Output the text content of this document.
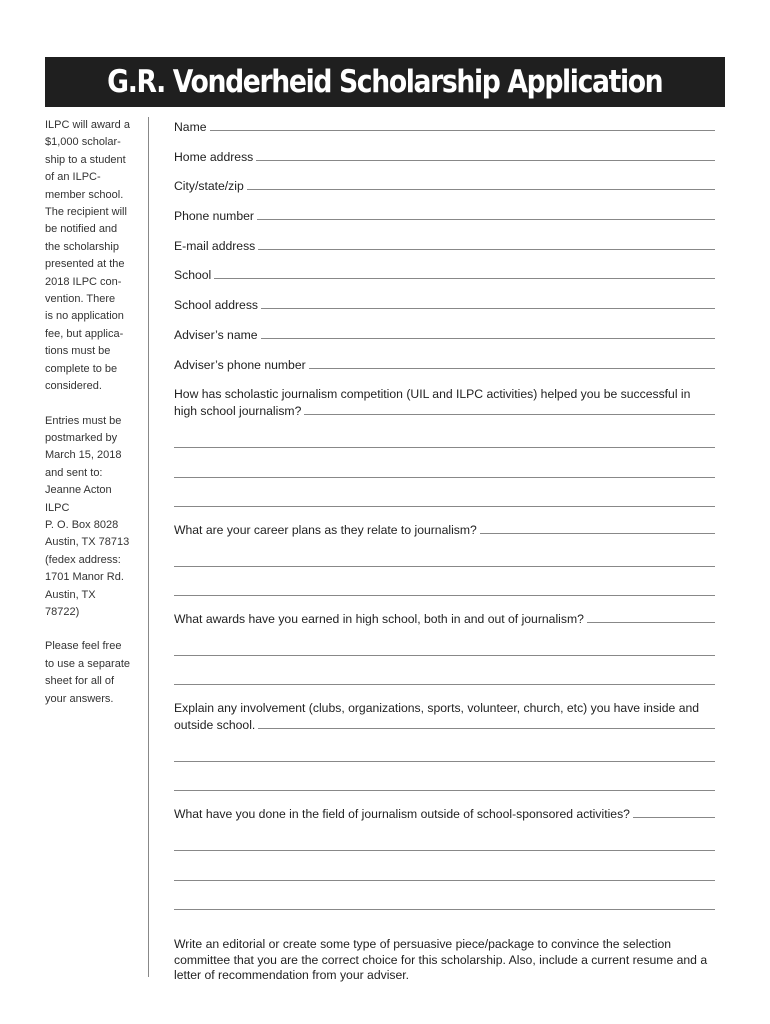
G.R. Vonderheid Scholarship Application

ILPC will award a
$1,000 scholar-
ship to a student
of an ILPC-
member school.
The recipient will
be notified and
the scholarship
presented at the
2018 ILPC con-
vention. There
is no application
fee, but applica-
tions must be
complete to be
considered.

Entries must be
postmarked by
March 15, 2018
and sent to:
Jeanne Acton
ILPC
P. O. Box 8028
Austin, TX 78713
(fedex address:
1701 Manor Rd.
Austin, TX
78722)

Please feel free
to use a separate
sheet for all of
your answers.

Name
Home address
City/state/zip
Phone number
E-mail address
School
School address
Adviser’s name
Adviser’s phone number
How has scholastic journalism competition (UIL and ILPC activities) helped you be successful in
high school journalism?
What are your career plans as they relate to journalism?
What awards have you earned in high school, both in and out of journalism?
Explain any involvement (clubs, organizations, sports, volunteer, church, etc) you have inside and
outside school.
What have you done in the field of journalism outside of school-sponsored activities?
Write an editorial or create some type of persuasive piece/package to convince the selection committee that you are the correct choice for this scholarship. Also, include a current resume and a letter of recommendation from your adviser.
